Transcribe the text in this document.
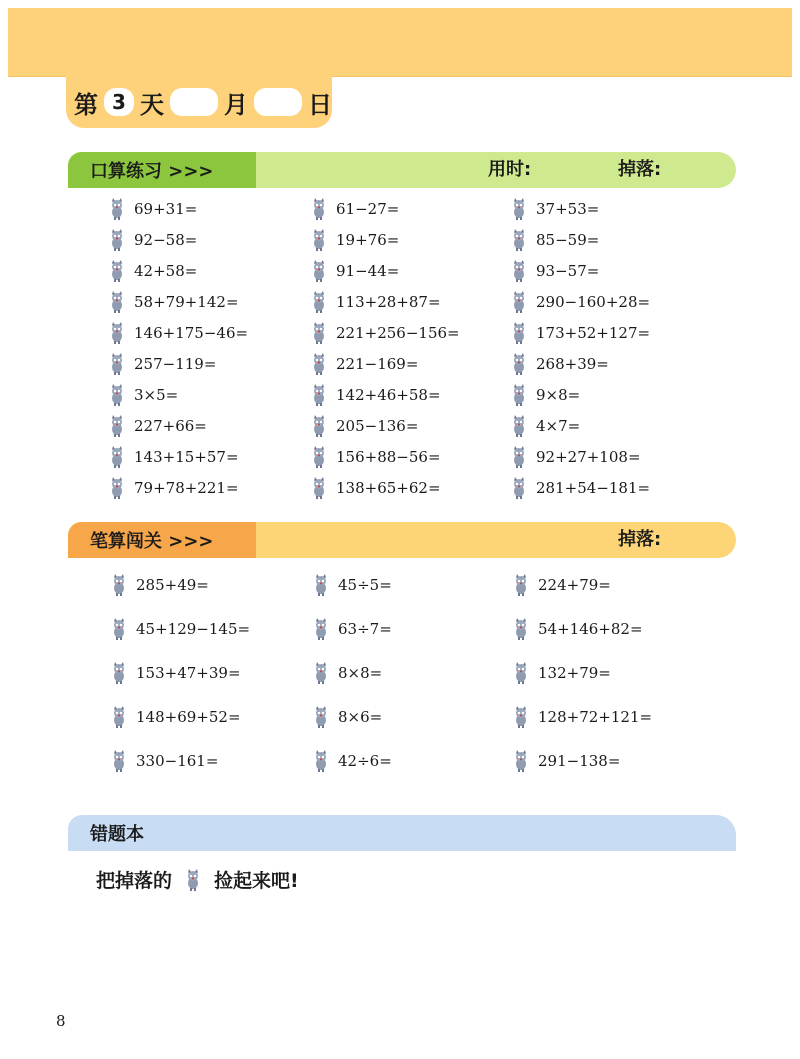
第 3 天	月	日
口算练习 >>>	用时:	掉落:
69+31=
92−58=
42+58=
58+79+142=
146+175−46=
257−119=
3×5=
227+66=
143+15+57=
79+78+221=
61−27=
19+76=
91−44=
113+28+87=
221+256−156=
221−169=
142+46+58=
205−136=
156+88−56=
138+65+62=
37+53=
85−59=
93−57=
290−160+28=
173+52+127=
268+39=
9×8=
4×7=
92+27+108=
281+54−181=
笔算闯关 >>>	掉落:
285+49=
45+129−145=
153+47+39=
148+69+52=
330−161=
45÷5=
63÷7=
8×8=
8×6=
42÷6=
224+79=
54+146+82=
132+79=
128+72+121=
291−138=
错题本
把掉落的 捡起来吧!
8
